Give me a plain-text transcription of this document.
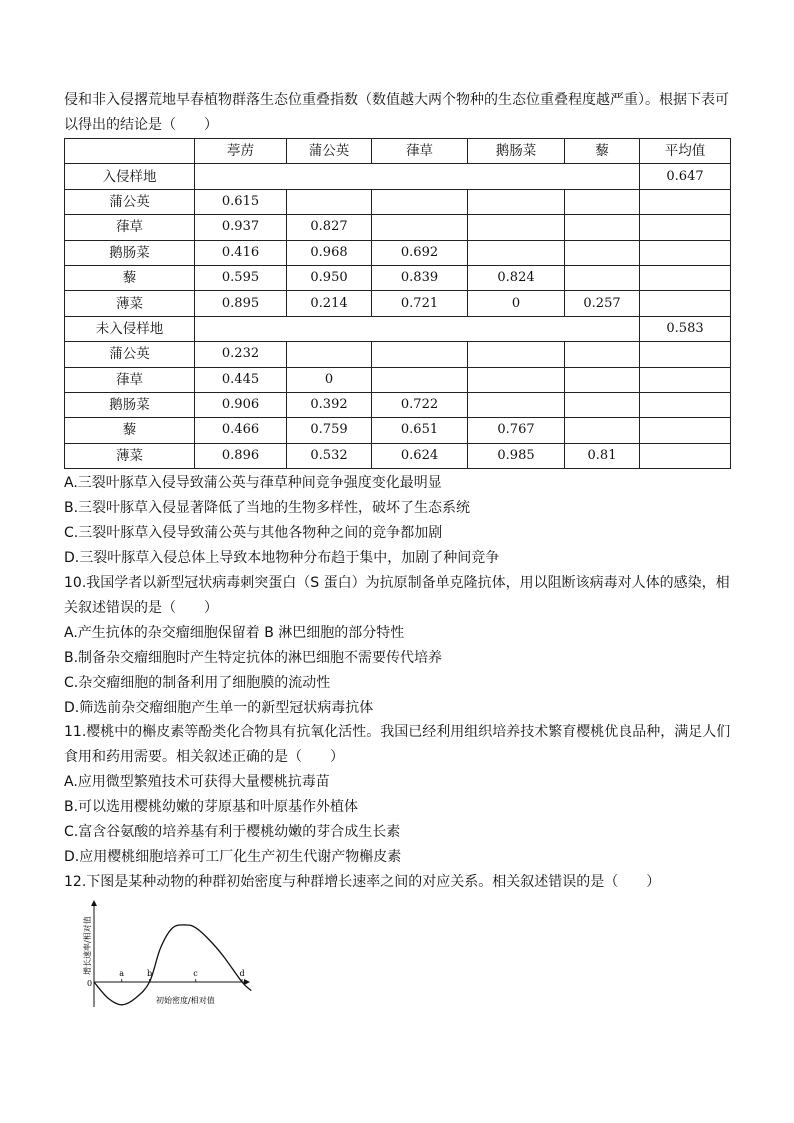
侵和非入侵撂荒地早春植物群落生态位重叠指数（数值越大两个物种的生态位重叠程度越严重）。根据下表可
以得出的结论是（　　）
	葶苈	蒲公英	葎草	鹅肠菜	藜	平均值
入侵样地						0.647
蒲公英	0.615					
葎草	0.937	0.827				
鹅肠菜	0.416	0.968	0.692			
藜	0.595	0.950	0.839	0.824		
薄菜	0.895	0.214	0.721	0	0.257	
未入侵样地						0.583
蒲公英	0.232					
葎草	0.445	0				
鹅肠菜	0.906	0.392	0.722			
藜	0.466	0.759	0.651	0.767		
薄菜	0.896	0.532	0.624	0.985	0.81	
A.三裂叶豚草入侵导致蒲公英与葎草种间竞争强度变化最明显
B.三裂叶豚草入侵显著降低了当地的生物多样性，破坏了生态系统
C.三裂叶豚草入侵导致蒲公英与其他各物种之间的竞争都加剧
D.三裂叶豚草入侵总体上导致本地物种分布趋于集中，加剧了种间竞争
10.我国学者以新型冠状病毒刺突蛋白（S 蛋白）为抗原制备单克隆抗体，用以阻断该病毒对人体的感染，相
关叙述错误的是（　　）
A.产生抗体的杂交瘤细胞保留着 B 淋巴细胞的部分特性
B.制备杂交瘤细胞时产生特定抗体的淋巴细胞不需要传代培养
C.杂交瘤细胞的制备利用了细胞膜的流动性
D.筛选前杂交瘤细胞产生单一的新型冠状病毒抗体
11.樱桃中的槲皮素等酚类化合物具有抗氧化活性。我国已经利用组织培养技术繁育樱桃优良品种，满足人们
食用和药用需要。相关叙述正确的是（　　）
A.应用微型繁殖技术可获得大量樱桃抗毒苗
B.可以选用樱桃幼嫩的芽原基和叶原基作外植体
C.富含谷氨酸的培养基有利于樱桃幼嫩的芽合成生长素
D.应用樱桃细胞培养可工厂化生产初生代谢产物槲皮素
12.下图是某种动物的种群初始密度与种群增长速率之间的对应关系。相关叙述错误的是（　　）
a	b	c	d
0
增长速率/相对值
初始密度/相对值
